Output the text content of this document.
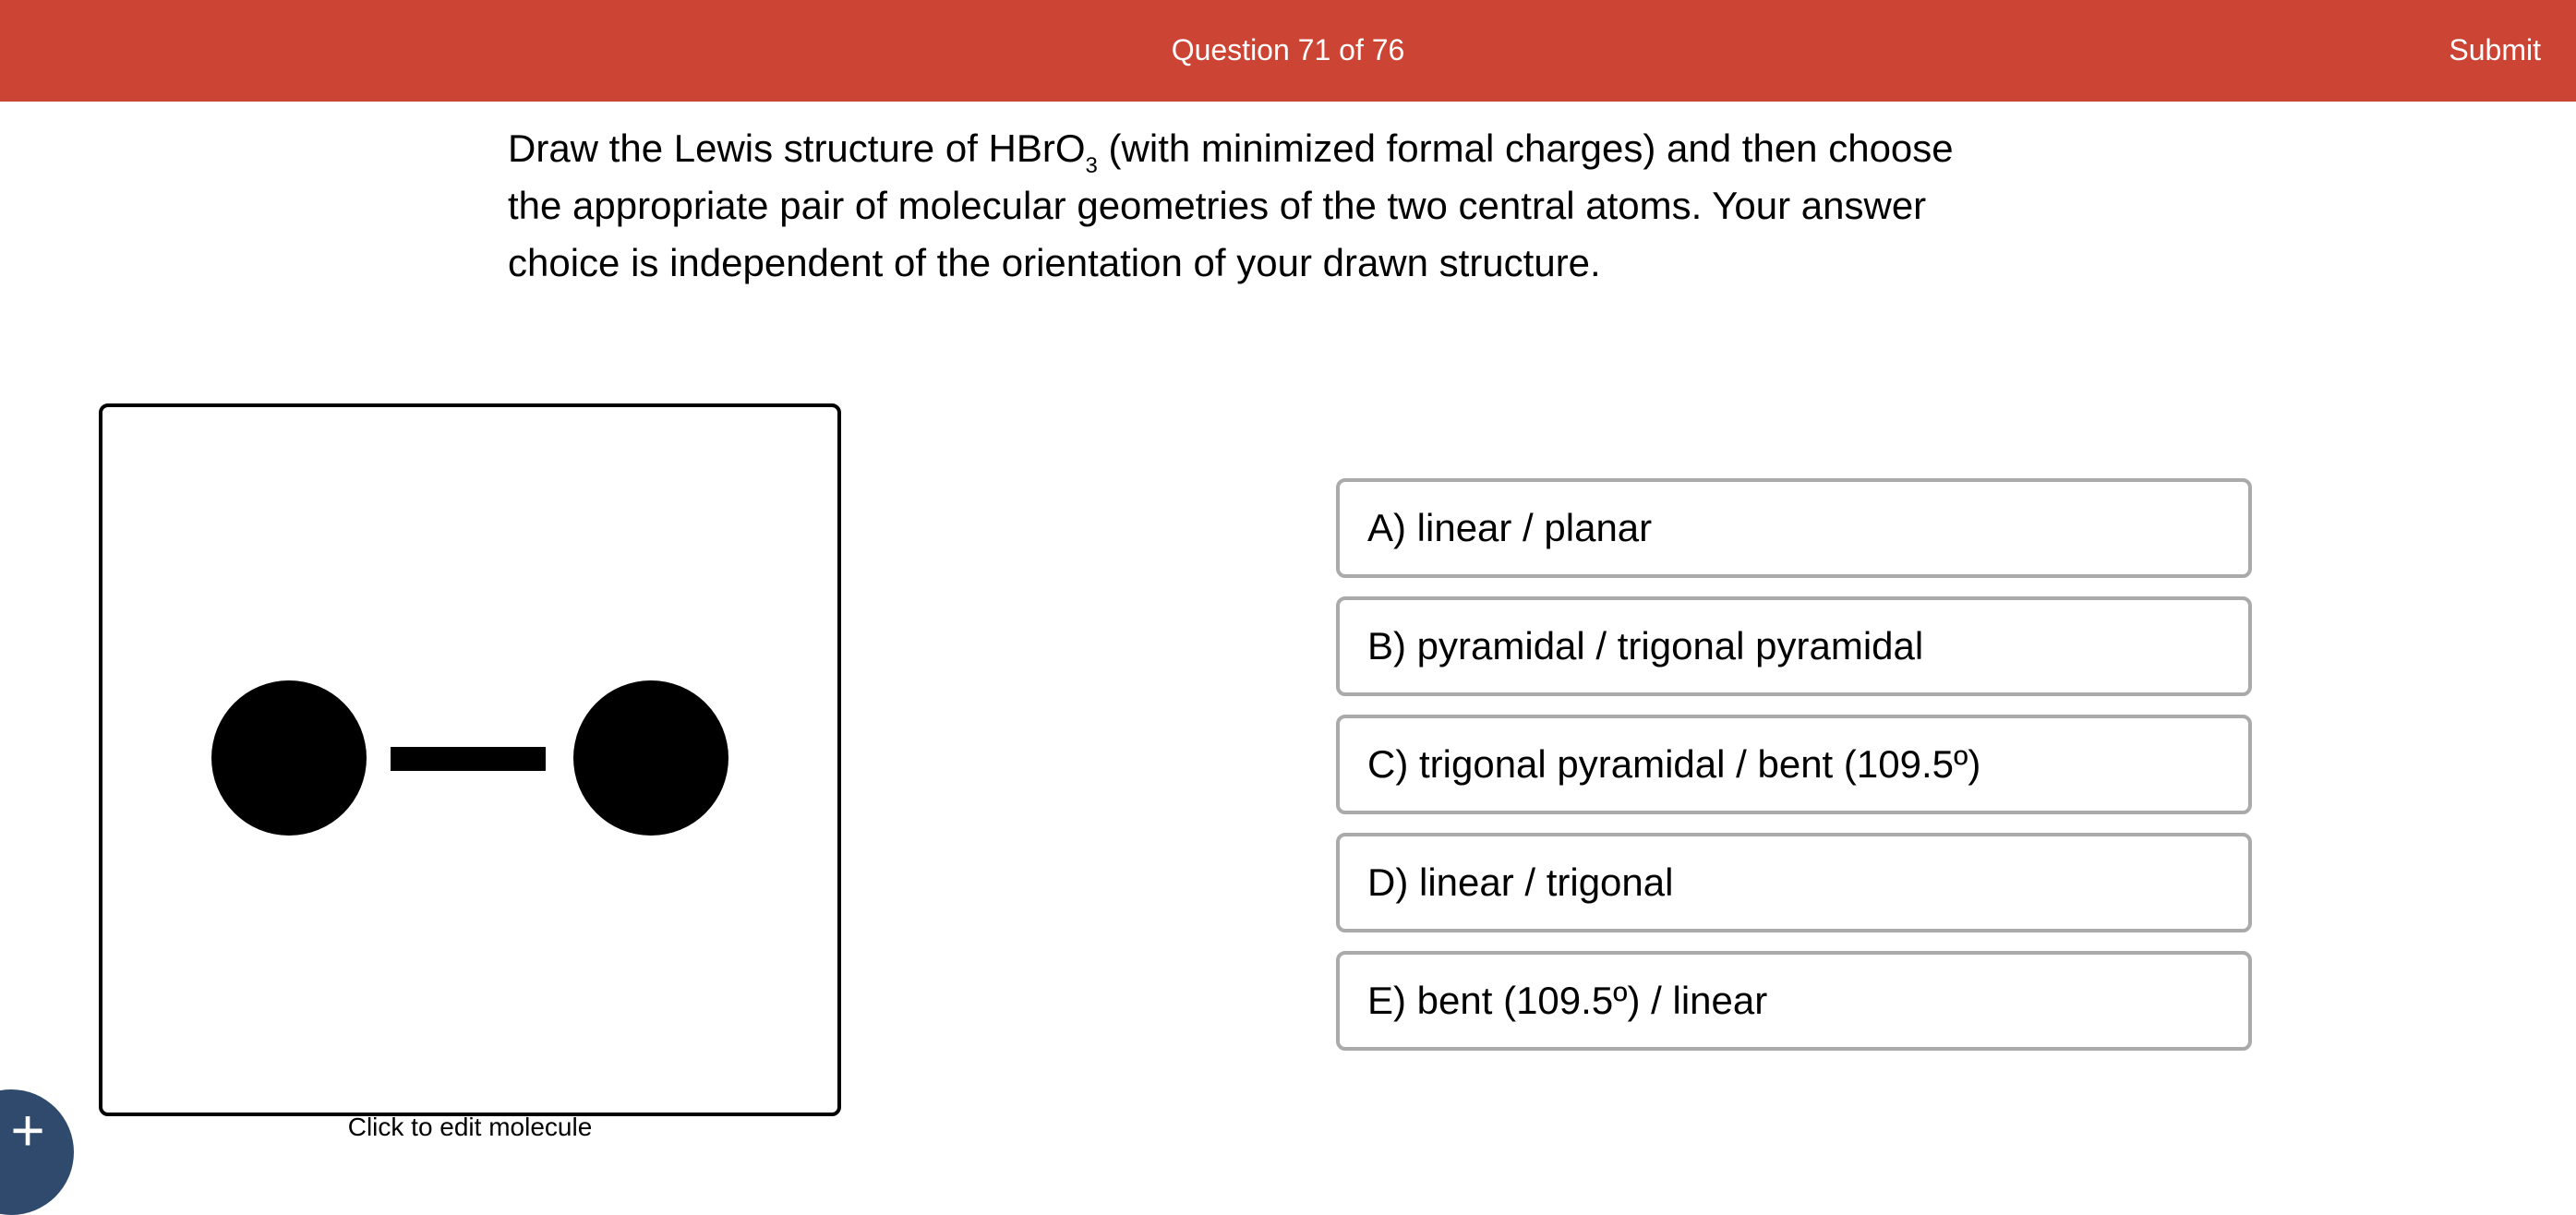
Question 71 of 76	Submit
Draw the Lewis structure of HBrO$_3$ (with minimized formal charges) and then choose the appropriate pair of molecular geometries of the two central atoms. Your answer choice is independent of the orientation of your drawn structure.
Click to edit molecule
A) linear / planar
B) pyramidal / trigonal pyramidal
C) trigonal pyramidal / bent (109.5º)
D) linear / trigonal
E) bent (109.5º) / linear
+
